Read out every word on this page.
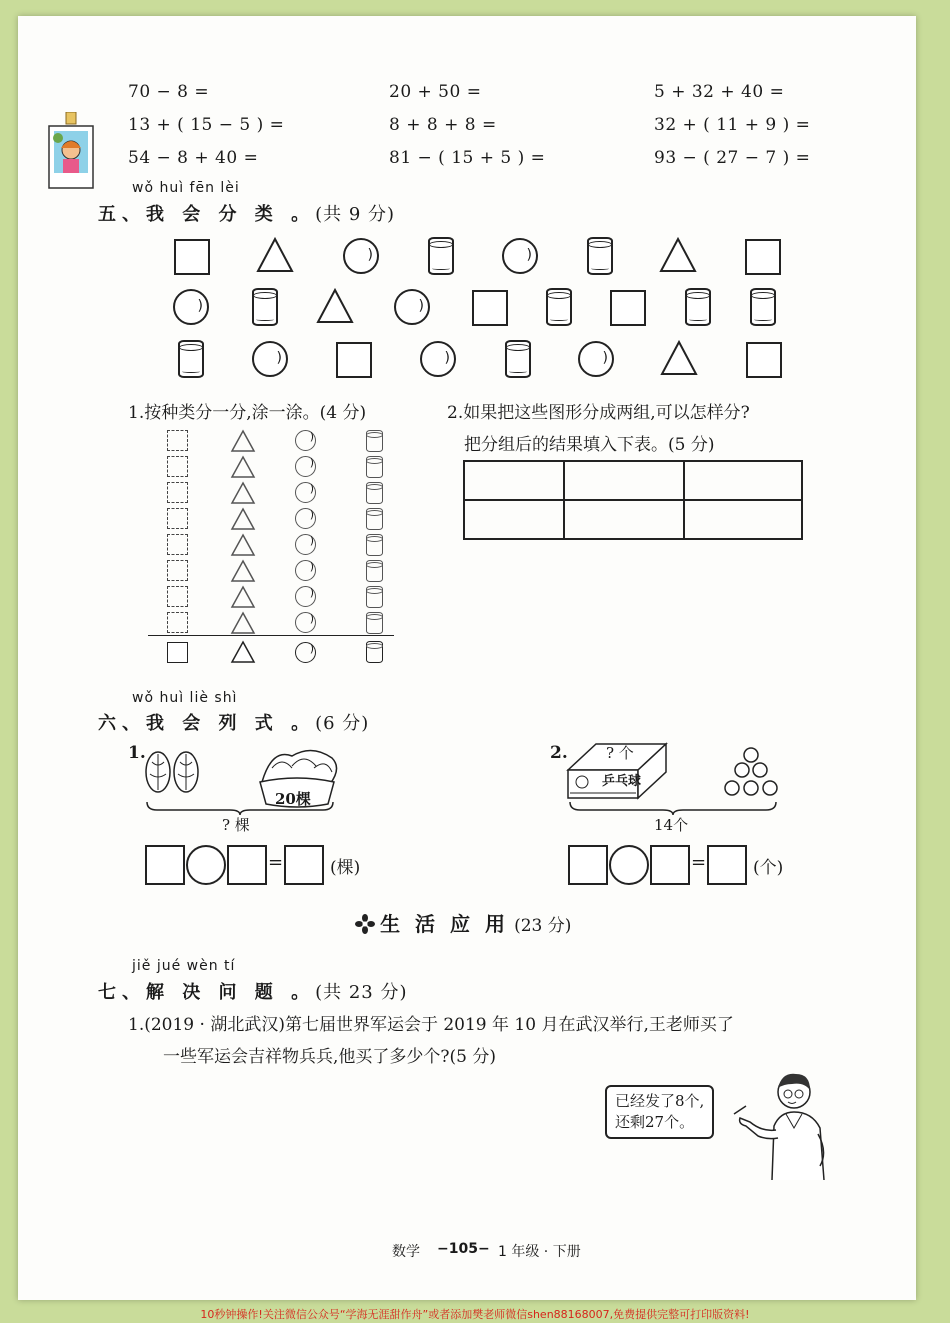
70 − 8 =	20 + 50 =	5 + 32 + 40 =
13 + ( 15 − 5 ) =	8 + 8 + 8 =	32 + ( 11 + 9 ) =
54 − 8 + 40 =	81 − ( 15 + 5 ) =	93 − ( 27 − 7 ) =
wǒ huì fēn lèi
五、我 会 分 类 。(共 9 分)
)
)
)
)
)
)
)
1.按种类分一分,涂一涂。(4 分)	2.如果把这些图形分成两组,可以怎样分?
把分组后的结果填入下表。(5 分)
)
)
)
)
)
)
)
)
)

wǒ huì liè shì
六、我 会 列 式 。(6 分)
1.
20棵
? 棵
=	(棵)
2.	? 个
乒乓球
14个
=	(个)
生 活 应 用 (23 分)
jiě jué wèn tí
七、解 决 问 题 。(共 23 分)
1.(2019 · 湖北武汉)第七届世界军运会于 2019 年 10 月在武汉举行,王老师买了
一些军运会吉祥物兵兵,他买了多少个?(5 分)
已经发了8个,
还剩27个。
数学 −105− 1 年级 · 下册
10秒钟操作!关注微信公众号“学海无涯甜作舟”或者添加樊老师微信shen88168007,免费提供完整可打印版资料!
